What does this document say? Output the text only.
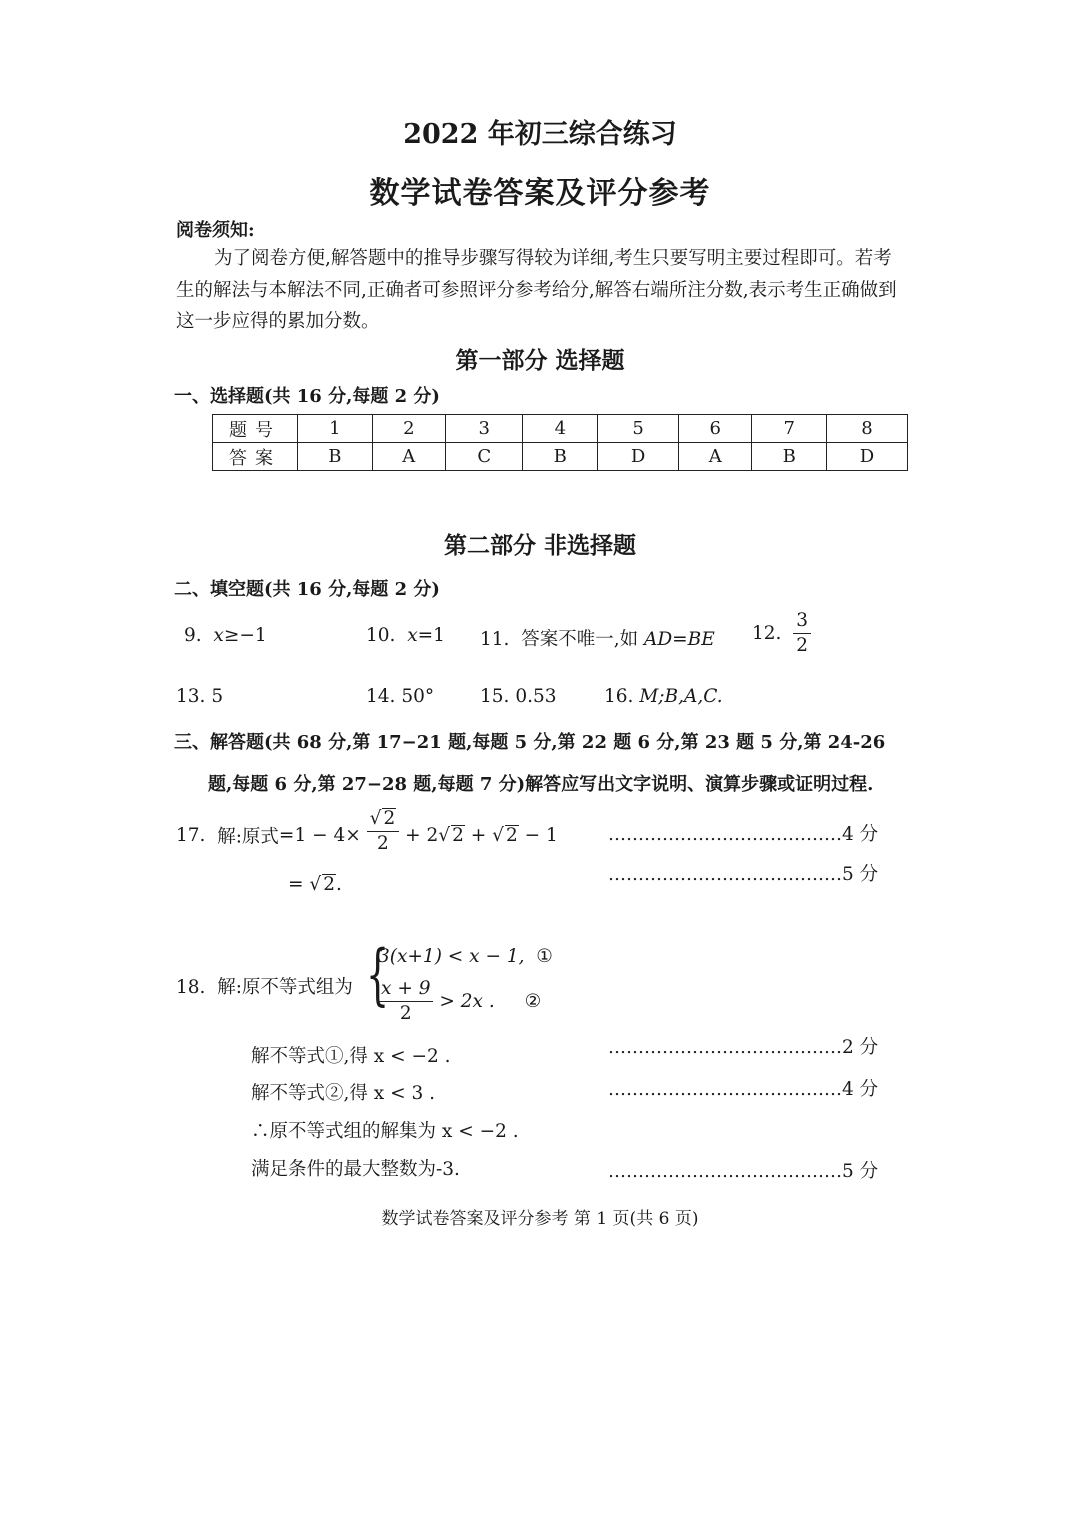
2022 年初三综合练习
数学试卷答案及评分参考
阅卷须知:
为了阅卷方便,解答题中的推导步骤写得较为详细,考生只要写明主要过程即可。若考生的解法与本解法不同,正确者可参照评分参考给分,解答右端所注分数,表示考生正确做到这一步应得的累加分数。
第一部分 选择题
一、选择题(共 16 分,每题 2 分)
题号	1	2	3	4	5	6	7	8
答案	B	A	C	B	D	A	B	D
第二部分 非选择题
二、填空题(共 16 分,每题 2 分)
9. x≥−1	10. x=1 11. 答案不唯一,如 AD=BE 12. $\frac{3}{2}$
13. 5	14. 50° 15. 0.53	16. M;B,A,C.
三、解答题(共 68 分,第 17−21 题,每题 5 分,第 22 题 6 分,第 23 题 5 分,第 24-26
题,每题 6 分,第 27−28 题,每题 7 分)解答应写出文字说明、演算步骤或证明过程.
17. 解:原式$=1 - 4\times \frac{√ 2}{2} + 2√$ 2 + √ 2 − 1
= √ 2.
…………………………………4 分
…………………………………5 分
18. 解:原不等式组为 {
3(x+1) < x − 1, ①
$\frac{x + 9}{2} > 2x$ . ②
解不等式①,得 x < −2 .
解不等式②,得 x < 3 .
∴原不等式组的解集为 x < −2 .
满足条件的最大整数为-3.
…………………………………2 分
…………………………………4 分
…………………………………5 分
数学试卷答案及评分参考 第 1 页(共 6 页)
